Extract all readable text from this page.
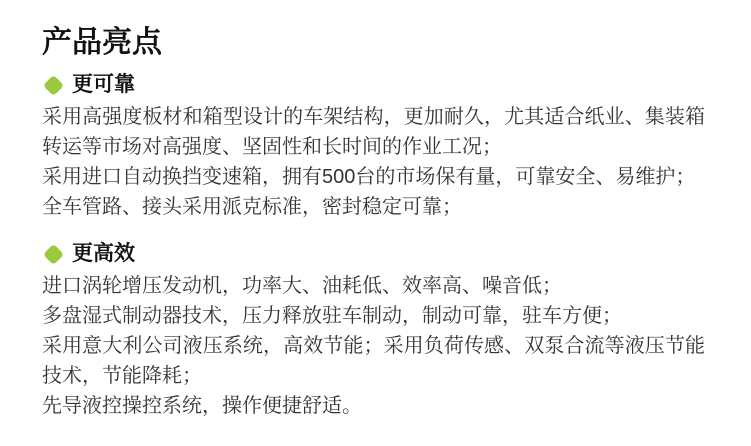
产品亮点
更可靠

采用高强度板材和箱型设计的车架结构，更加耐久，尤其适合纸业、集装箱转运等市场对高强度、坚固性和长时间的作业工况；

采用进口自动换挡变速箱，拥有500台的市场保有量，可靠安全、易维护；

全车管路、接头采用派克标准，密封稳定可靠；

更高效

进口涡轮增压发动机，功率大、油耗低、效率高、噪音低；

多盘湿式制动器技术，压力释放驻车制动，制动可靠，驻车方便；

采用意大利公司液压系统，高效节能；采用负荷传感、双泵合流等液压节能技术，节能降耗；

先导液控操控系统，操作便捷舒适。
